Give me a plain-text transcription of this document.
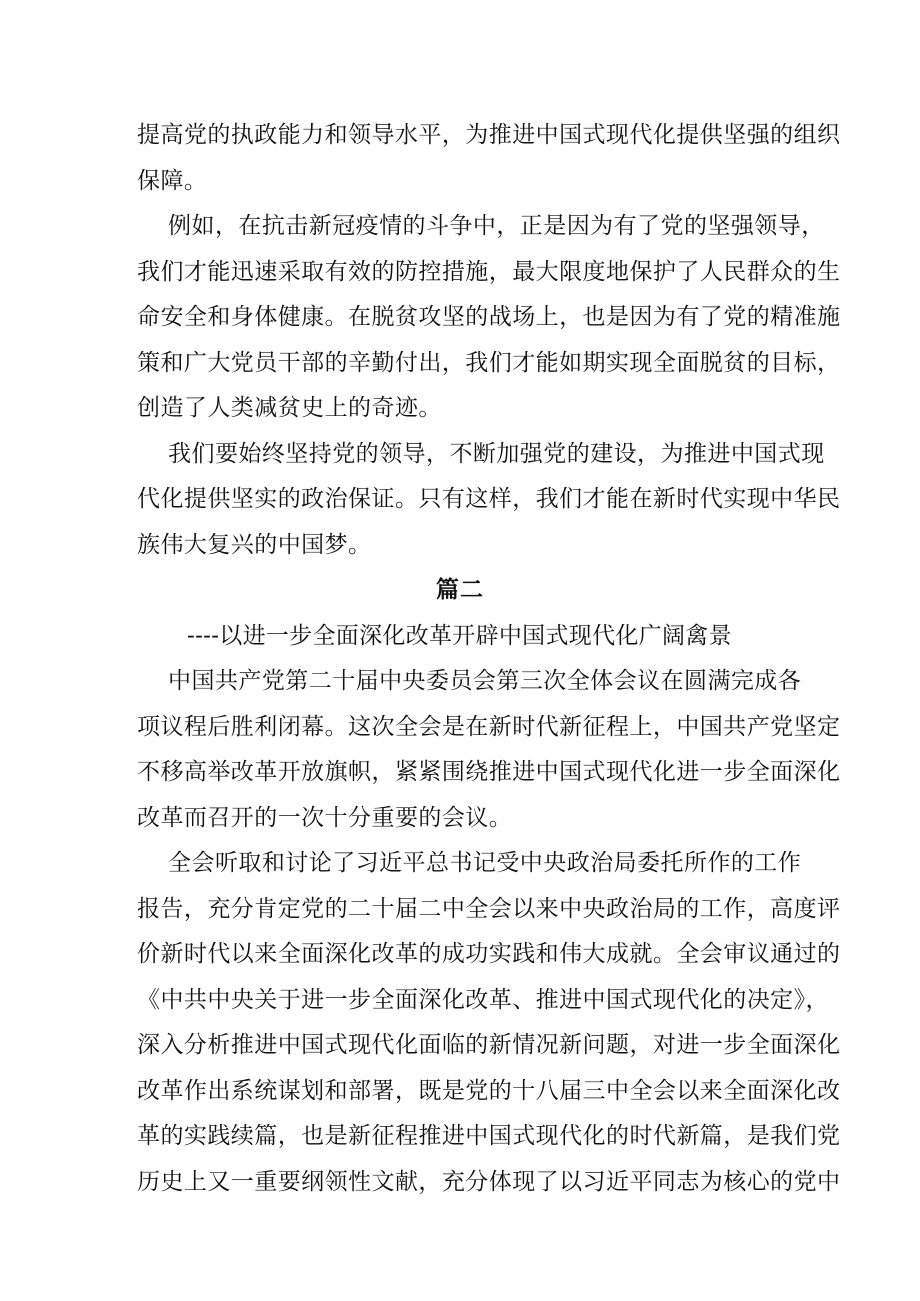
提高党的执政能力和领导水平，为推进中国式现代化提供坚强的组织
保障。
例如，在抗击新冠疫情的斗争中，正是因为有了党的坚强领导，
我们才能迅速采取有效的防控措施，最大限度地保护了人民群众的生
命安全和身体健康。在脱贫攻坚的战场上，也是因为有了党的精准施
策和广大党员干部的辛勤付出，我们才能如期实现全面脱贫的目标，
创造了人类减贫史上的奇迹。
我们要始终坚持党的领导，不断加强党的建设，为推进中国式现
代化提供坚实的政治保证。只有这样，我们才能在新时代实现中华民
族伟大复兴的中国梦。
篇二
----以进一步全面深化改革开辟中国式现代化广阔禽景
中国共产党第二十届中央委员会第三次全体会议在圆满完成各
项议程后胜利闭幕。这次全会是在新时代新征程上，中国共产党坚定
不移高举改革开放旗帜，紧紧围绕推进中国式现代化进一步全面深化
改革而召开的一次十分重要的会议。
全会听取和讨论了习近平总书记受中央政治局委托所作的工作
报告，充分肯定党的二十届二中全会以来中央政治局的工作，高度评
价新时代以来全面深化改革的成功实践和伟大成就。全会审议通过的
《中共中央关于进一步全面深化改革、推进中国式现代化的决定》，
深入分析推进中国式现代化面临的新情况新问题，对进一步全面深化
改革作出系统谋划和部署，既是党的十八届三中全会以来全面深化改
革的实践续篇，也是新征程推进中国式现代化的时代新篇，是我们党
历史上又一重要纲领性文献，充分体现了以习近平同志为核心的党中
